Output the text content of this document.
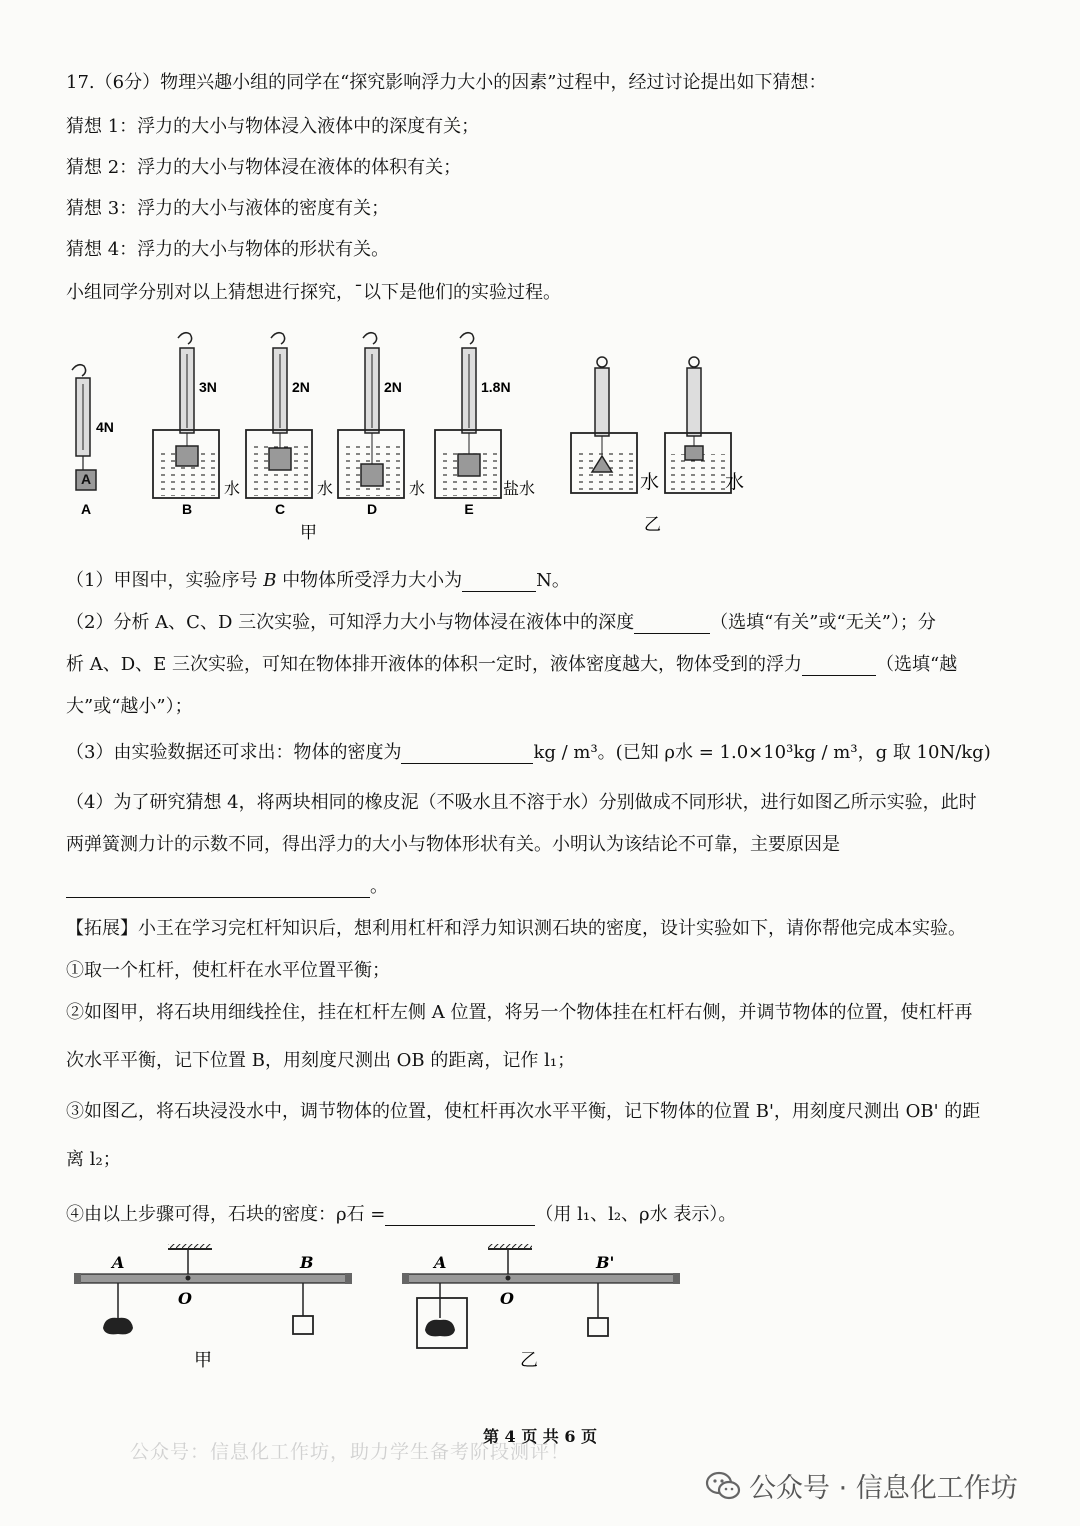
17.（6分）物理兴趣小组的同学在“探究影响浮力大小的因素”过程中，经过讨论提出如下猜想：
猜想 1：浮力的大小与物体浸入液体中的深度有关；
猜想 2：浮力的大小与物体浸在液体的体积有关；
猜想 3：浮力的大小与液体的密度有关；
猜想 4：浮力的大小与物体的形状有关。
小组同学分别对以上猜想进行探究，¯以下是他们的实验过程。
A
4N
A
3N
水
B
2N
水
C
2N
水
D
1.8N
盐水
E
甲
水	水
乙
（1）甲图中，实验序号 B 中物体所受浮力大小为	N。
（2）分析 A、C、D 三次实验，可知浮力大小与物体浸在液体中的深度	（选填“有关”或“无关”）；分
析 A、D、E 三次实验，可知在物体排开液体的体积一定时，液体密度越大，物体受到的浮力	（选填“越
大”或“越小”）；
（3）由实验数据还可求出：物体的密度为	kg / m³。(已知 ρ水 = 1.0×10³kg / m³，g 取 10N/kg)
（4）为了研究猜想 4，将两块相同的橡皮泥（不吸水且不溶于水）分别做成不同形状，进行如图乙所示实验，此时
两弹簧测力计的示数不同，得出浮力的大小与物体形状有关。小明认为该结论不可靠，主要原因是
。
【拓展】小王在学习完杠杆知识后，想利用杠杆和浮力知识测石块的密度，设计实验如下，请你帮他完成本实验。
①取一个杠杆，使杠杆在水平位置平衡；
②如图甲，将石块用细线拴住，挂在杠杆左侧 A 位置，将另一个物体挂在杠杆右侧，并调节物体的位置，使杠杆再
次水平平衡，记下位置 B，用刻度尺测出 OB 的距离，记作 l₁；
③如图乙，将石块浸没水中，调节物体的位置，使杠杆再次水平平衡，记下物体的位置 B'，用刻度尺测出 OB' 的距
离 l₂；
④由以上步骤可得，石块的密度：ρ石 =	（用 l₁、l₂、ρ水 表示）。
A
O
B
甲
A
O
B'
乙
第 4 页 共 6 页
公众号：信息化工作坊，助力学生备考阶段测评！
公众号 · 信息化工作坊
